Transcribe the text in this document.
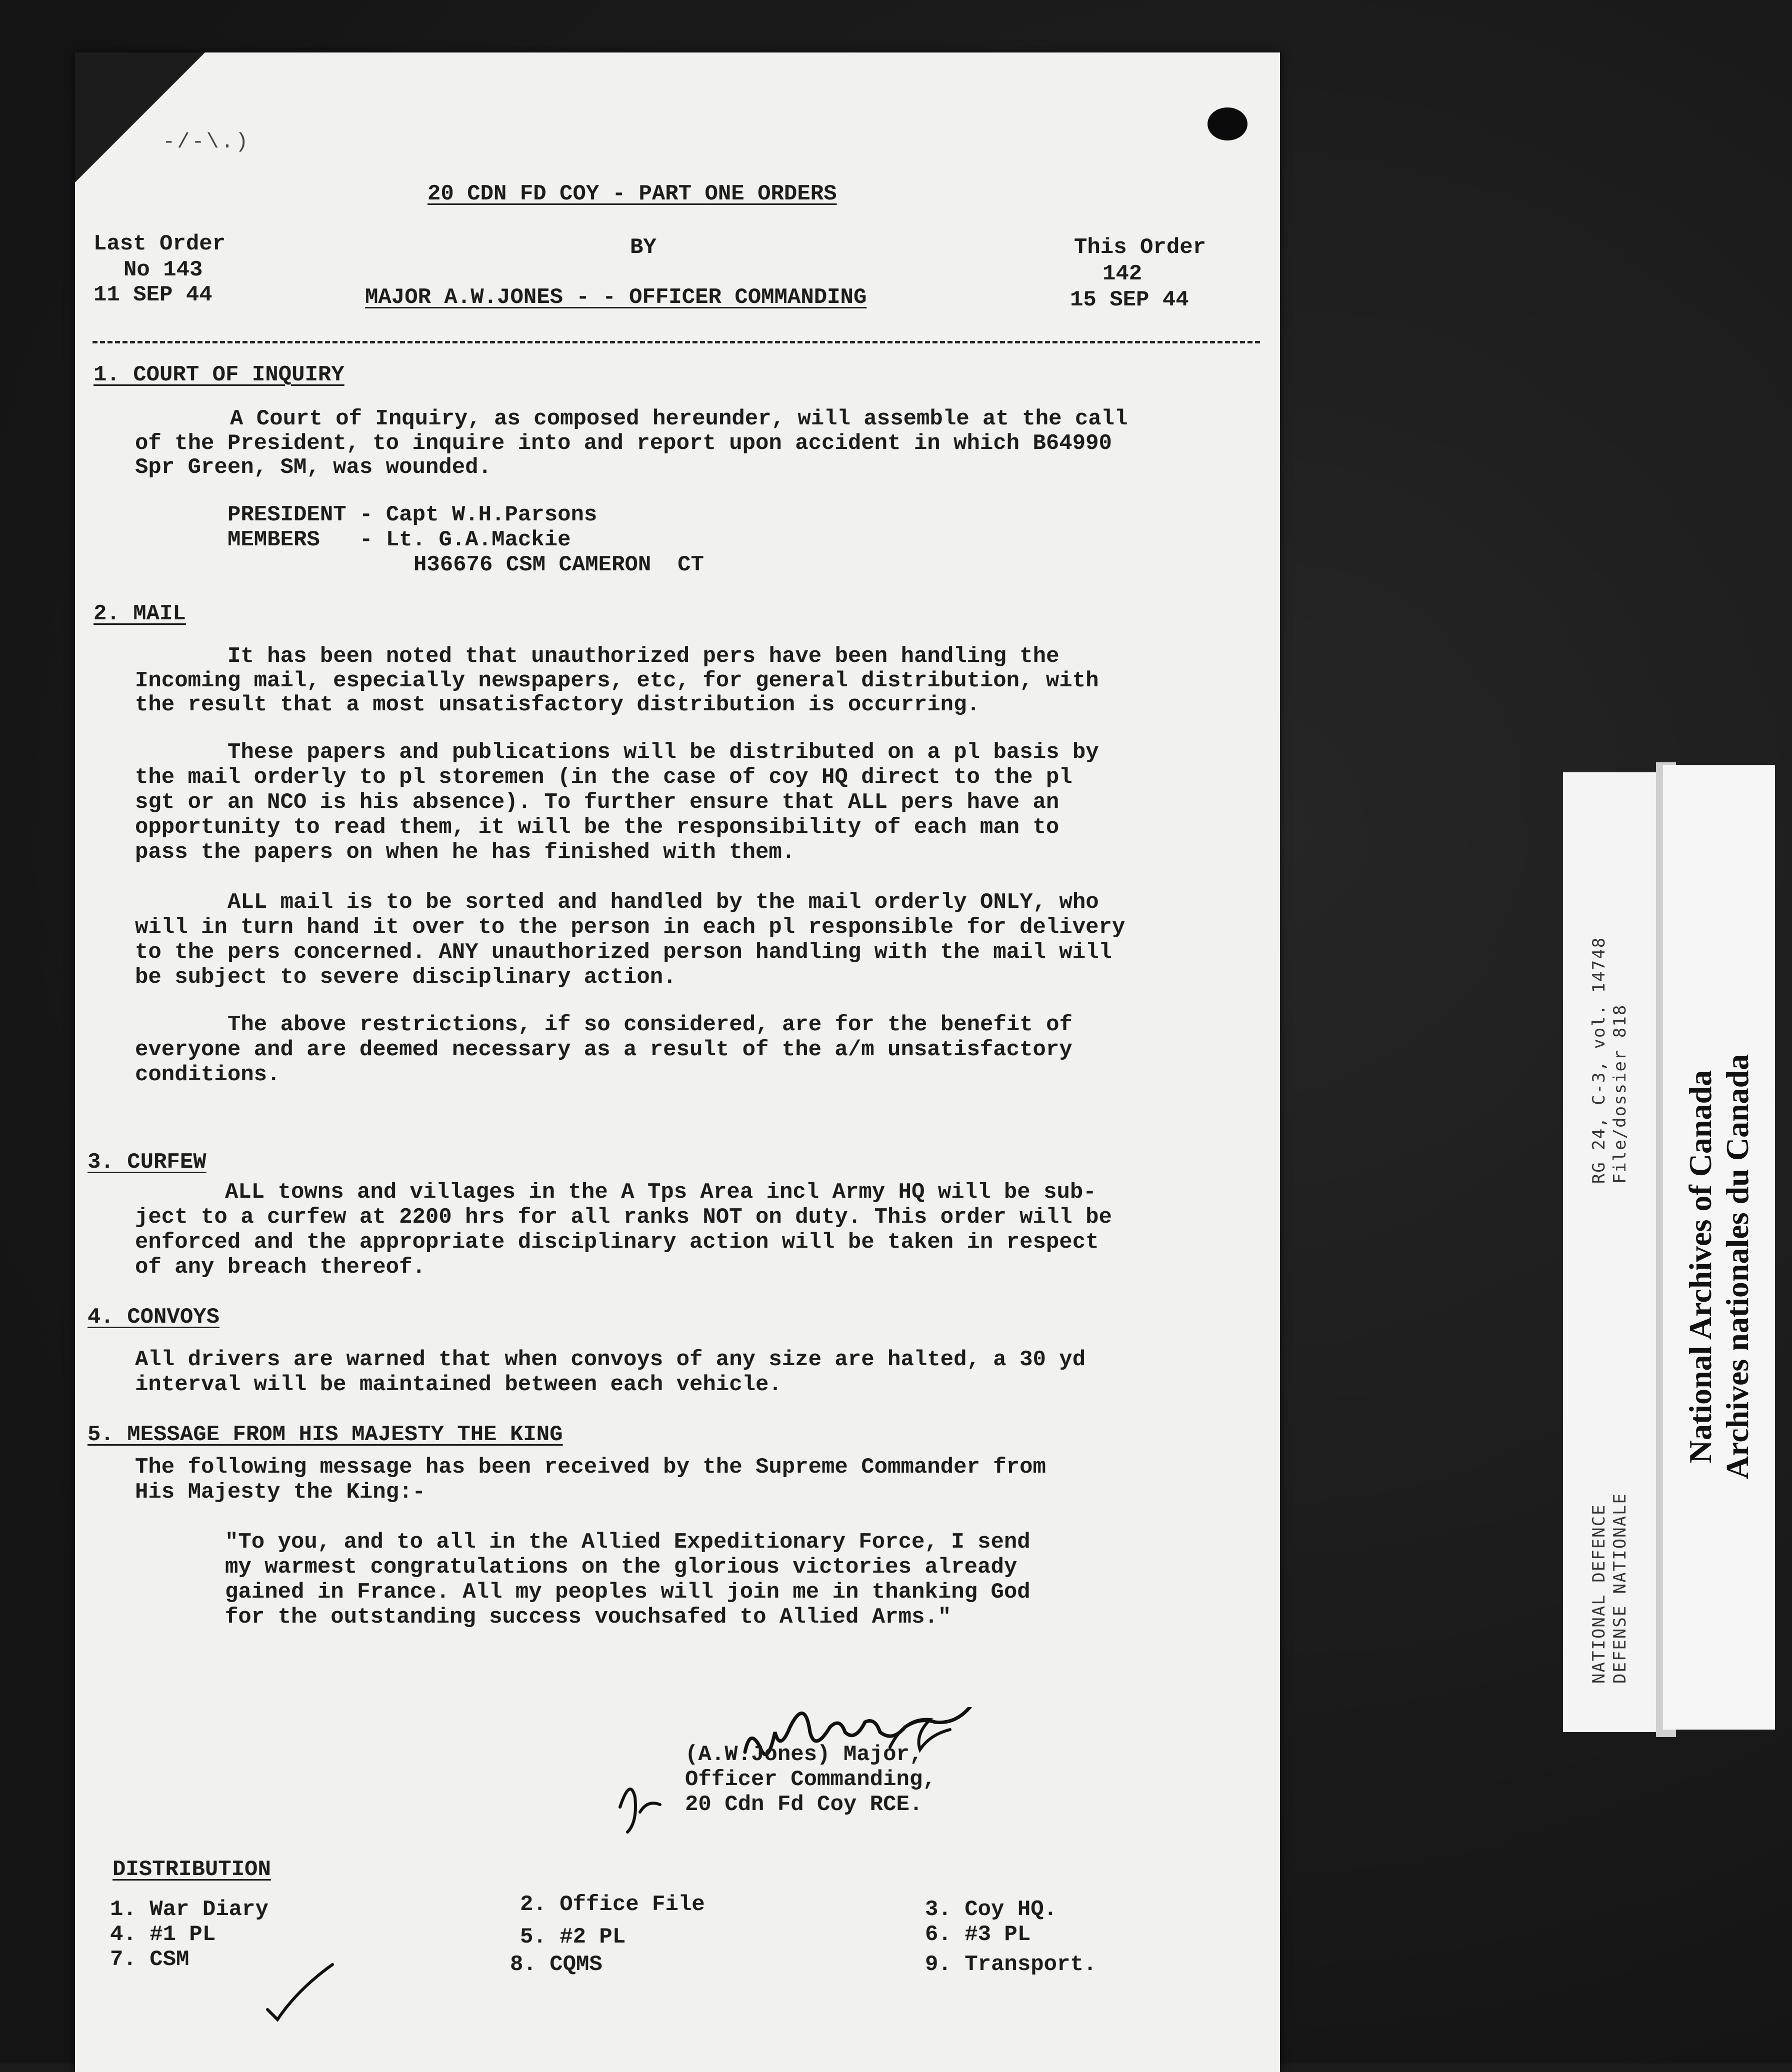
-/-\.)
20 CDN FD COY - PART ONE ORDERS
Last Order
No 143
11 SEP 44
BY
MAJOR A.W.JONES - - OFFICER COMMANDING
This Order
142
15 SEP 44
1. COURT OF INQUIRY
A Court of Inquiry, as composed hereunder, will assemble at the call
of the President, to inquire into and report upon accident in which B64990
Spr Green, SM, was wounded.
PRESIDENT - Capt W.H.Parsons
MEMBERS   - Lt. G.A.Mackie
H36676 CSM CAMERON  CT
2. MAIL
It has been noted that unauthorized pers have been handling the
Incoming mail, especially newspapers, etc, for general distribution, with
the result that a most unsatisfactory distribution is occurring.
These papers and publications will be distributed on a pl basis by
the mail orderly to pl storemen (in the case of coy HQ direct to the pl
sgt or an NCO is his absence). To further ensure that ALL pers have an
opportunity to read them, it will be the responsibility of each man to
pass the papers on when he has finished with them.
ALL mail is to be sorted and handled by the mail orderly ONLY, who
will in turn hand it over to the person in each pl responsible for delivery
to the pers concerned. ANY unauthorized person handling with the mail will
be subject to severe disciplinary action.
The above restrictions, if so considered, are for the benefit of
everyone and are deemed necessary as a result of the a/m unsatisfactory
conditions.
3. CURFEW
ALL towns and villages in the A Tps Area incl Army HQ will be sub-
ject to a curfew at 2200 hrs for all ranks NOT on duty. This order will be
enforced and the appropriate disciplinary action will be taken in respect
of any breach thereof.
4. CONVOYS
All drivers are warned that when convoys of any size are halted, a 30 yd
interval will be maintained between each vehicle.
5. MESSAGE FROM HIS MAJESTY THE KING
The following message has been received by the Supreme Commander from
His Majesty the King:-
"To you, and to all in the Allied Expeditionary Force, I send
my warmest congratulations on the glorious victories already
gained in France. All my peoples will join me in thanking God
for the outstanding success vouchsafed to Allied Arms."
(A.W.Jones) Major,
Officer Commanding,
20 Cdn Fd Coy RCE.
DISTRIBUTION
1. War Diary	2. Office File	3. Coy HQ.
4. #1 PL	5. #2 PL	6. #3 PL
7. CSM	8. CQMS	9. Transport.
RG 24, C-3, vol. 14748 File/dossier 818
NATIONAL DEFENCE DEFENSE NATIONALE
National Archives of Canada Archives nationales du Canada
